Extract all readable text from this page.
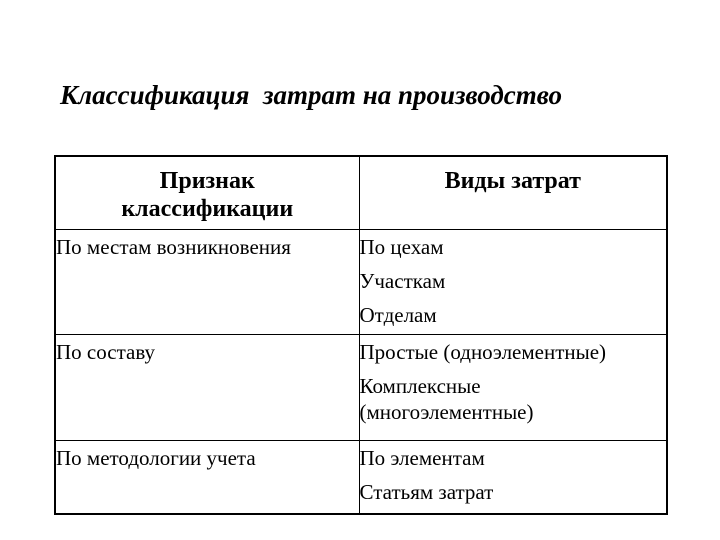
Классификация  затрат на производство
Признак
классификации	Виды затрат

По местам возникновения	По цехам
Участкам
Отделам

По составу	Простые (одноэлементные)
Комплексные
(многоэлементные)

По методологии учета	По элементам
Статьям затрат
